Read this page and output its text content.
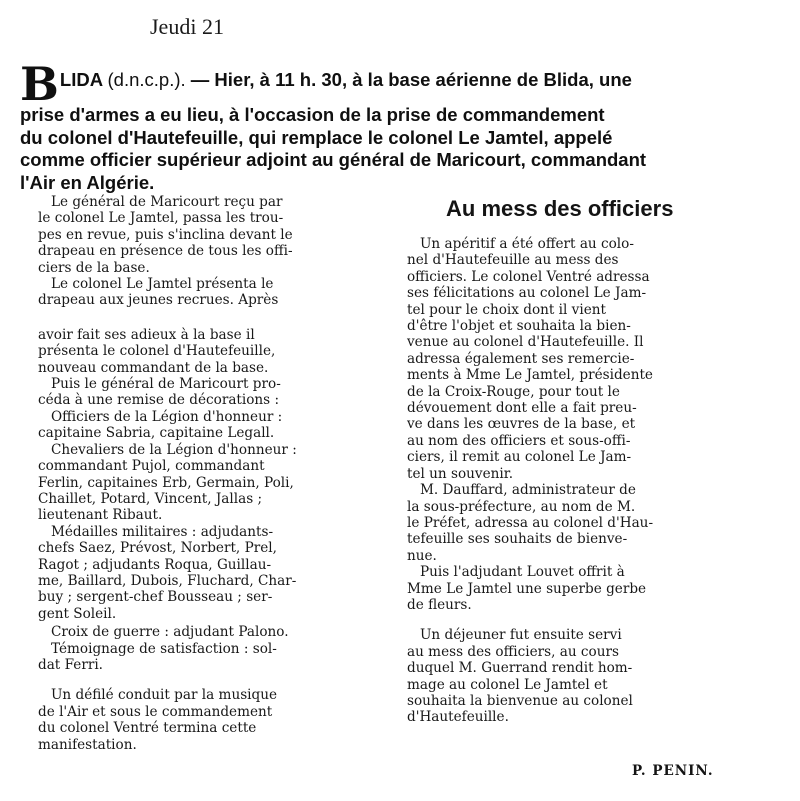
Jeudi 21
BLIDA (d.n.c.p.). — Hier, à 11 h. 30, à la base aérienne de Blida, une
prise d'armes a eu lieu, à l'occasion de la prise de commandement
du colonel d'Hautefeuille, qui remplace le colonel Le Jamtel, appelé
comme officier supérieur adjoint au général de Maricourt, commandant
l'Air en Algérie.

Le général de Maricourt reçu par
le colonel Le Jamtel, passa les trou-
pes en revue, puis s'inclina devant le
drapeau en présence de tous les offi-
ciers de la base.

Le colonel Le Jamtel présenta le
drapeau aux jeunes recrues. Après

avoir fait ses adieux à la base il
présenta le colonel d'Hautefeuille,
nouveau commandant de la base.

Puis le général de Maricourt pro-
céda à une remise de décorations :

Officiers de la Légion d'honneur :
capitaine Sabria, capitaine Legall.

Chevaliers de la Légion d'honneur :
commandant Pujol, commandant
Ferlin, capitaines Erb, Germain, Poli,
Chaillet, Potard, Vincent, Jallas ;
lieutenant Ribaut.

Médailles militaires : adjudants-
chefs Saez, Prévost, Norbert, Prel,
Ragot ; adjudants Roqua, Guillau-
me, Baillard, Dubois, Fluchard, Char-
buy ; sergent-chef Bousseau ; ser-
gent Soleil.

Croix de guerre : adjudant Palono.

Témoignage de satisfaction : sol-
dat Ferri.

Un défilé conduit par la musique
de l'Air et sous le commandement
du colonel Ventré termina cette
manifestation.

Au mess des officiers

Un apéritif a été offert au colo-
nel d'Hautefeuille au mess des
officiers. Le colonel Ventré adressa
ses félicitations au colonel Le Jam-
tel pour le choix dont il vient
d'être l'objet et souhaita la bien-
venue au colonel d'Hautefeuille. Il
adressa également ses remercie-
ments à Mme Le Jamtel, présidente
de la Croix-Rouge, pour tout le
dévouement dont elle a fait preu-
ve dans les œuvres de la base, et
au nom des officiers et sous-offi-
ciers, il remit au colonel Le Jam-
tel un souvenir.

M. Dauffard, administrateur de
la sous-préfecture, au nom de M.
le Préfet, adressa au colonel d'Hau-
tefeuille ses souhaits de bienve-
nue.

Puis l'adjudant Louvet offrit à
Mme Le Jamtel une superbe gerbe
de fleurs.

Un déjeuner fut ensuite servi
au mess des officiers, au cours
duquel M. Guerrand rendit hom-
mage au colonel Le Jamtel et
souhaita la bienvenue au colonel
d'Hautefeuille.

P. PENIN.
